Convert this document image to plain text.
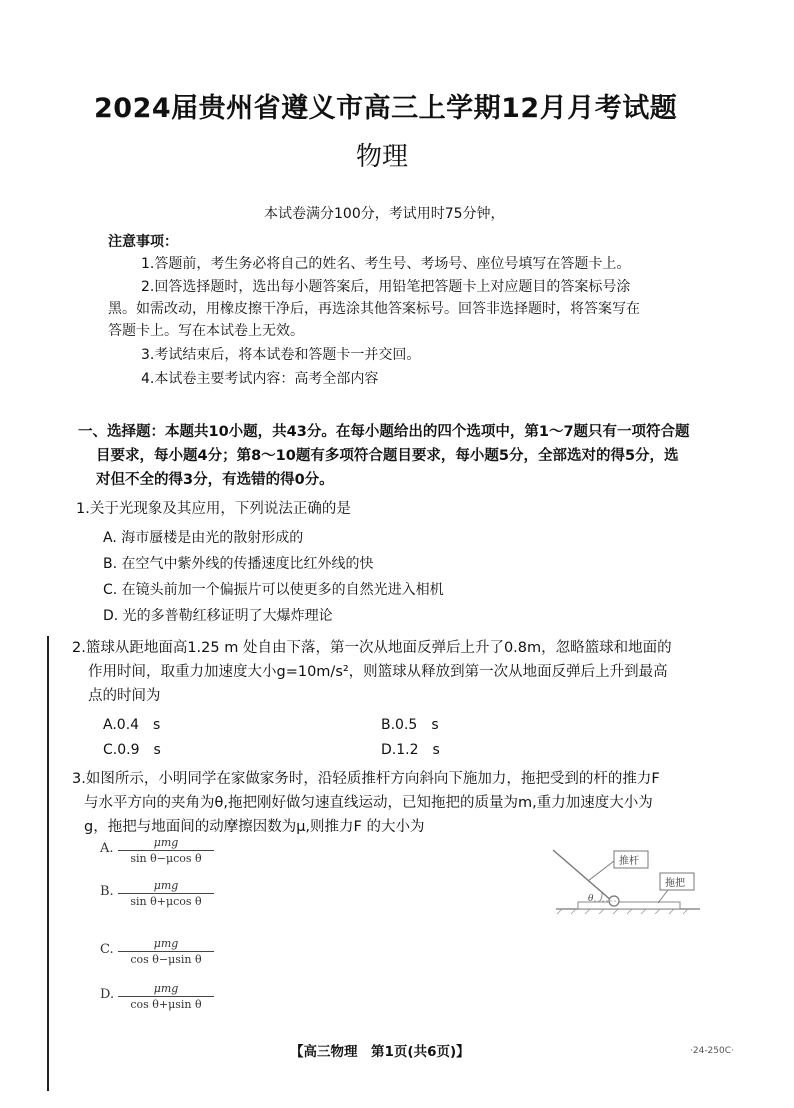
2024届贵州省遵义市高三上学期12月月考试题
物理
本试卷满分100分，考试用时75分钟，
注意事项：
1.答题前，考生务必将自己的姓名、考生号、考场号、座位号填写在答题卡上。
2.回答选择题时，选出每小题答案后，用铅笔把答题卡上对应题目的答案标号涂
黑。如需改动，用橡皮擦干净后，再选涂其他答案标号。回答非选择题时，将答案写在
答题卡上。写在本试卷上无效。
3.考试结束后，将本试卷和答题卡一并交回。
4.本试卷主要考试内容：高考全部内容
一、选择题：本题共10小题，共43分。在每小题给出的四个选项中，第1～7题只有一项符合题
目要求，每小题4分；第8～10题有多项符合题目要求，每小题5分，全部选对的得5分，选
对但不全的得3分，有选错的得0分。
1.关于光现象及其应用，下列说法正确的是
A. 海市蜃楼是由光的散射形成的
B. 在空气中紫外线的传播速度比红外线的快
C. 在镜头前加一个偏振片可以使更多的自然光进入相机
D. 光的多普勒红移证明了大爆炸理论
2.篮球从距地面高1.25 m 处自由下落，第一次从地面反弹后上升了0.8m，忽略篮球和地面的
作用时间，取重力加速度大小g=10m/s²，则篮球从释放到第一次从地面反弹后上升到最高
点的时间为
A.0.4　s	B.0.5　s
C.0.9　s	D.1.2　s
3.如图所示，小明同学在家做家务时，沿轻质推杆方向斜向下施加力，拖把受到的杆的推力F
与水平方向的夹角为θ,拖把刚好做匀速直线运动，已知拖把的质量为m,重力加速度大小为
g，拖把与地面间的动摩擦因数为μ,则推力F 的大小为
A.	μmg
sin θ−μcos θ
B.	μmg
sin θ+μcos θ
C.	μmg
cos θ−μsin θ
D.	μmg
cos θ+μsin θ
θ
推杆
拖把
【高三物理　第1页(共6页)】	·24-250C·
